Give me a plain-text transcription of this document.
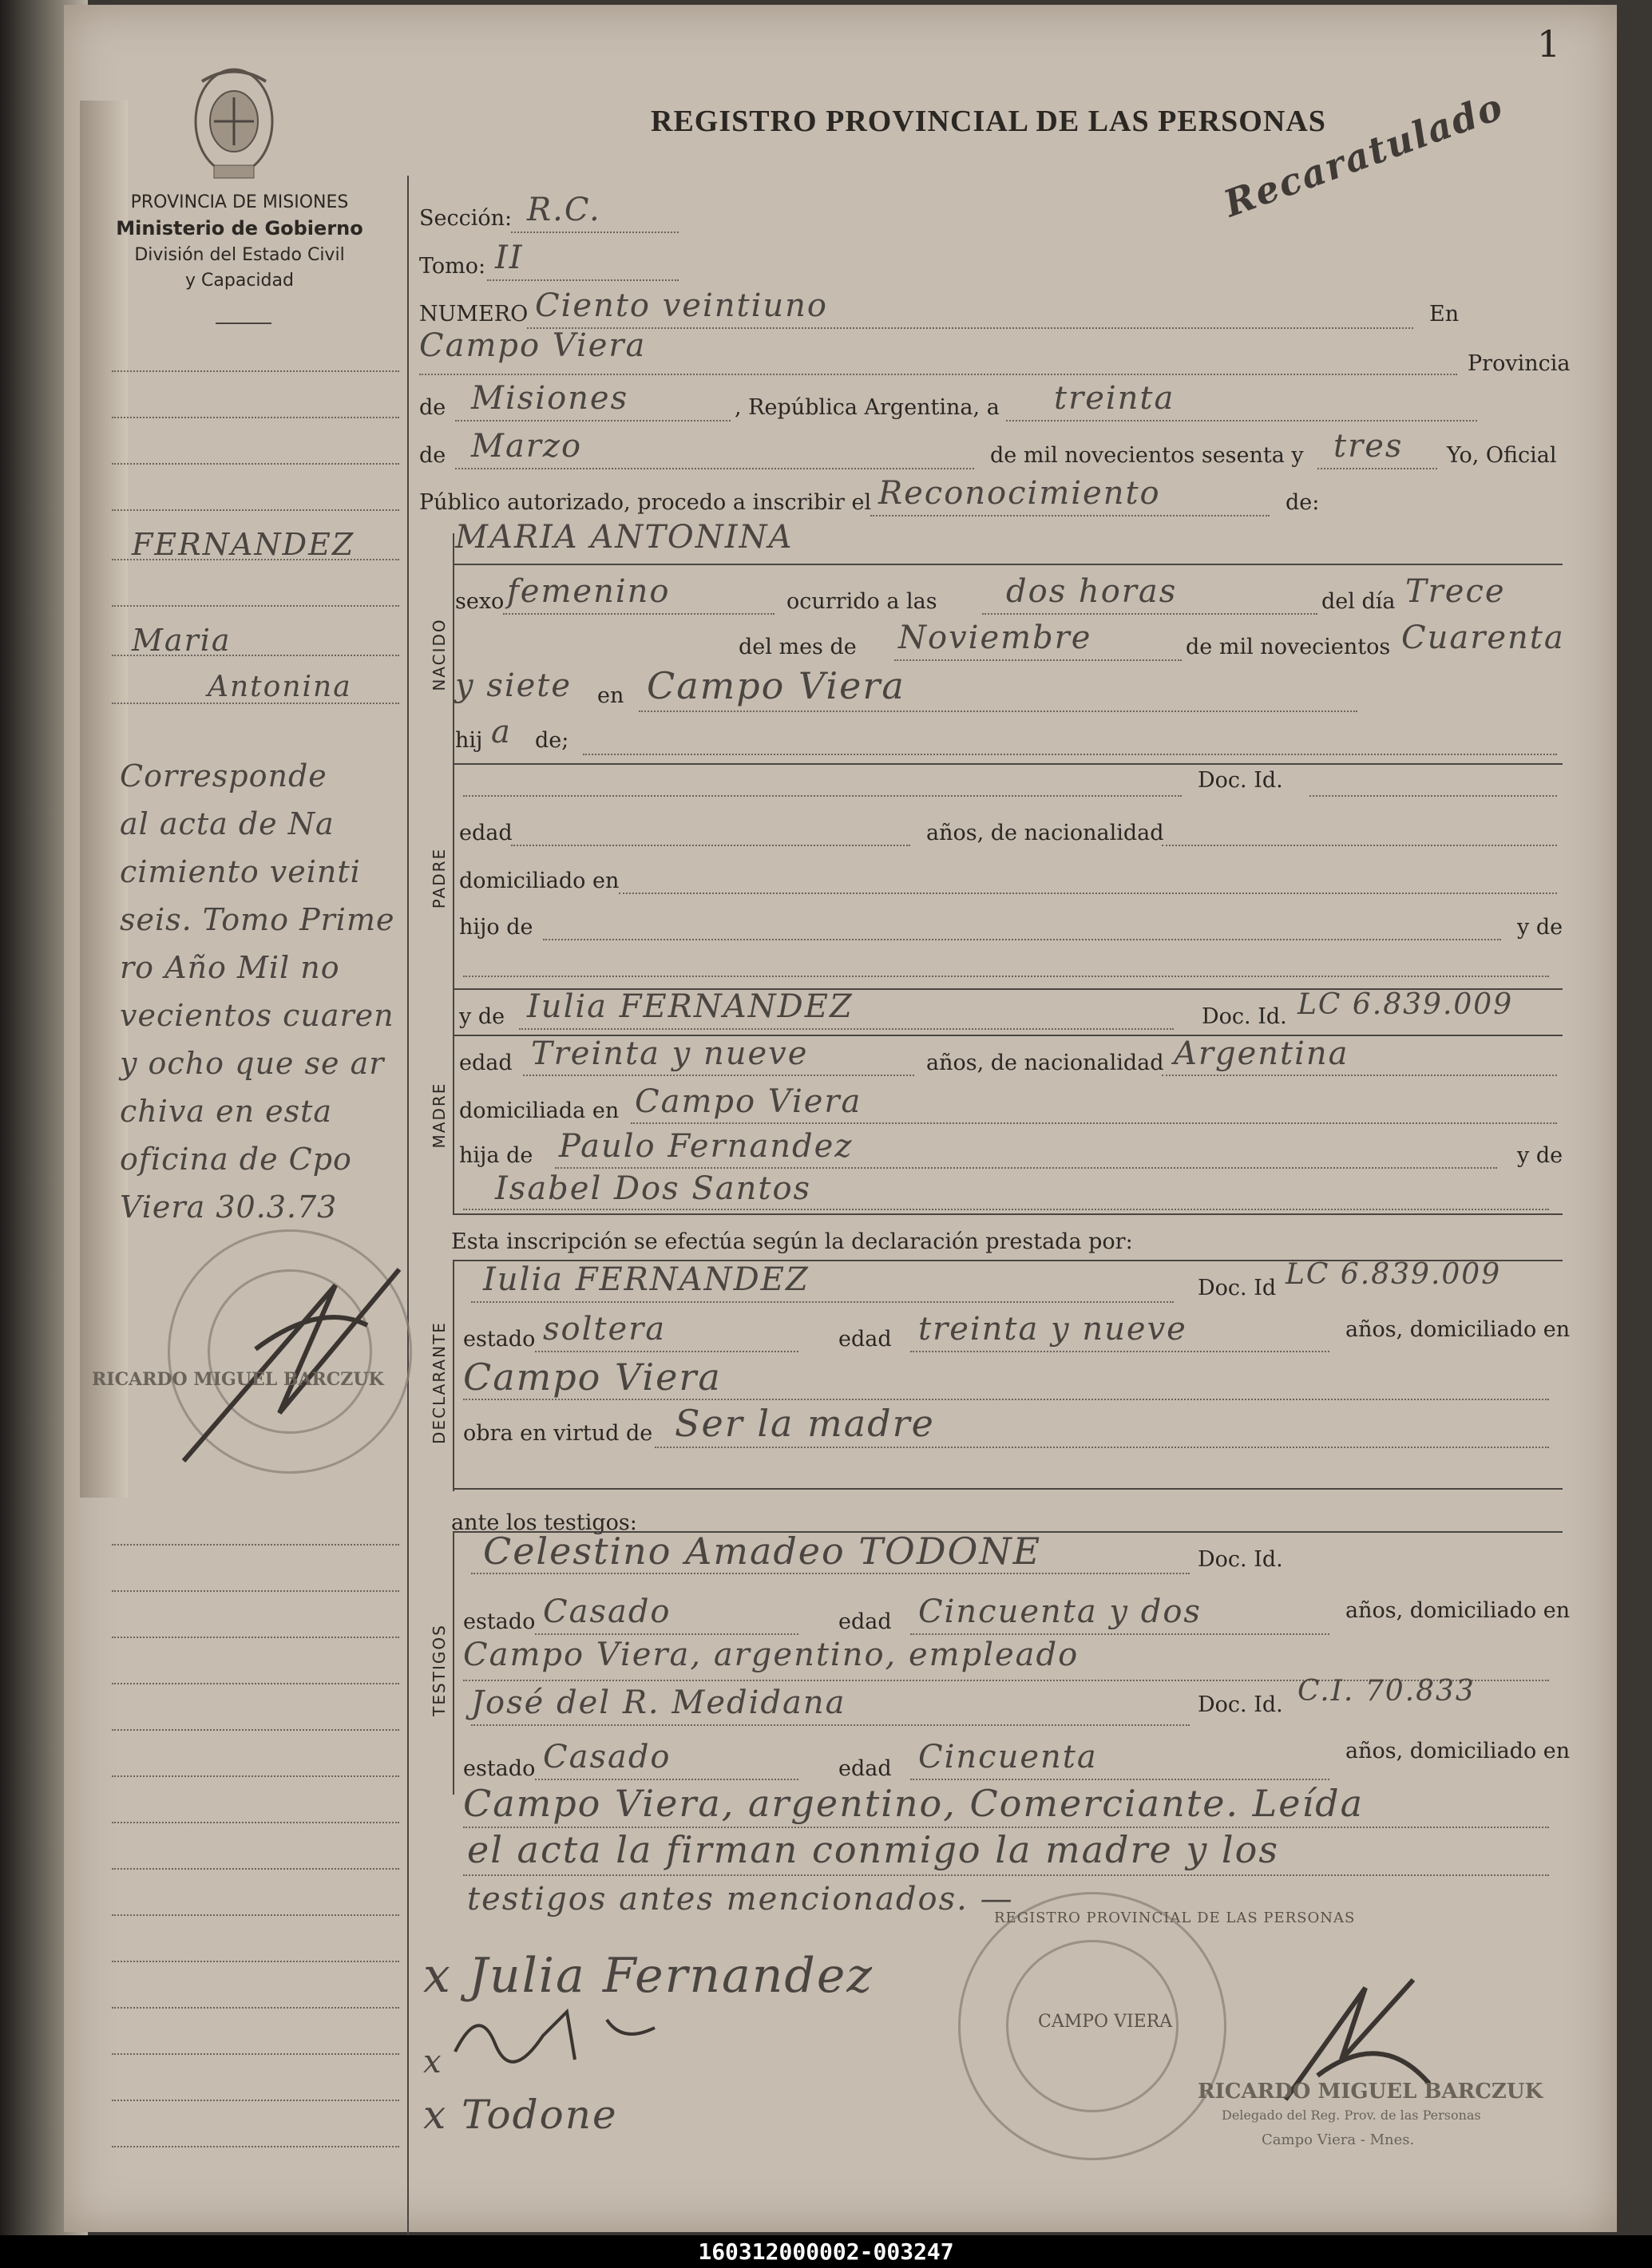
1
PROVINCIA DE MISIONES
Ministerio de Gobierno
División del Estado Civil
y Capacidad
REGISTRO PROVINCIAL DE LAS PERSONAS
Recaratulado
NACIDO
PADRE
MADRE
DECLARANTE
TESTIGOS
Sección: R.C.
Tomo: II
NUMERO Ciento veintiuno	En
Campo Viera	Provincia
de Misiones	, República Argentina, a treinta
de Marzo	de mil novecientos sesenta y tres Yo, Oficial
Público autorizado, procedo a inscribir el Reconocimiento	de:
MARIA ANTONINA
sexo femenino	ocurrido a las dos horas	del día Trece
del mes de Noviembre	de mil novecientos Cuarenta
y siete en Campo Viera
hij a de;
Doc. Id.
edad	años, de nacionalidad
domiciliado en
hijo de	y de
y de Iulia FERNANDEZ	Doc. Id. LC 6.839.009
edad Treinta y nueve	años, de nacionalidad Argentina
domiciliada en Campo Viera
hija de Paulo Fernandez	y de
Isabel Dos Santos
Esta inscripción se efectúa según la declaración prestada por:
Iulia FERNANDEZ	Doc. Id LC 6.839.009
estado soltera	edad treinta y nueve	años, domiciliado en
Campo Viera
obra en virtud de Ser la madre
ante los testigos:
Celestino Amadeo TODONE	Doc. Id.
estado Casado	edad Cincuenta y dos	años, domiciliado en
Campo Viera, argentino, empleado
José del R. Medidana	Doc. Id. C.I. 70.833
estado Casado	edad Cincuenta	años, domiciliado en
Campo Viera, argentino, Comerciante. Leída
el acta la firman conmigo la madre y los
testigos antes mencionados. —
x Julia Fernandez
x
x Todone
REGISTRO PROVINCIAL DE LAS PERSONAS
CAMPO VIERA
RICARDO MIGUEL BARCZUK
Delegado del Reg. Prov. de las Personas
Campo Viera - Mnes.
FERNANDEZ
Maria
Antonina
Corresponde
al acta de Na
cimiento veinti
seis. Tomo Prime
ro Año Mil no
vecientos cuaren
y ocho que se ar
chiva en esta
oficina de Cpo
Viera 30.3.73
RICARDO MIGUEL BARCZUK
160312000002-003247
